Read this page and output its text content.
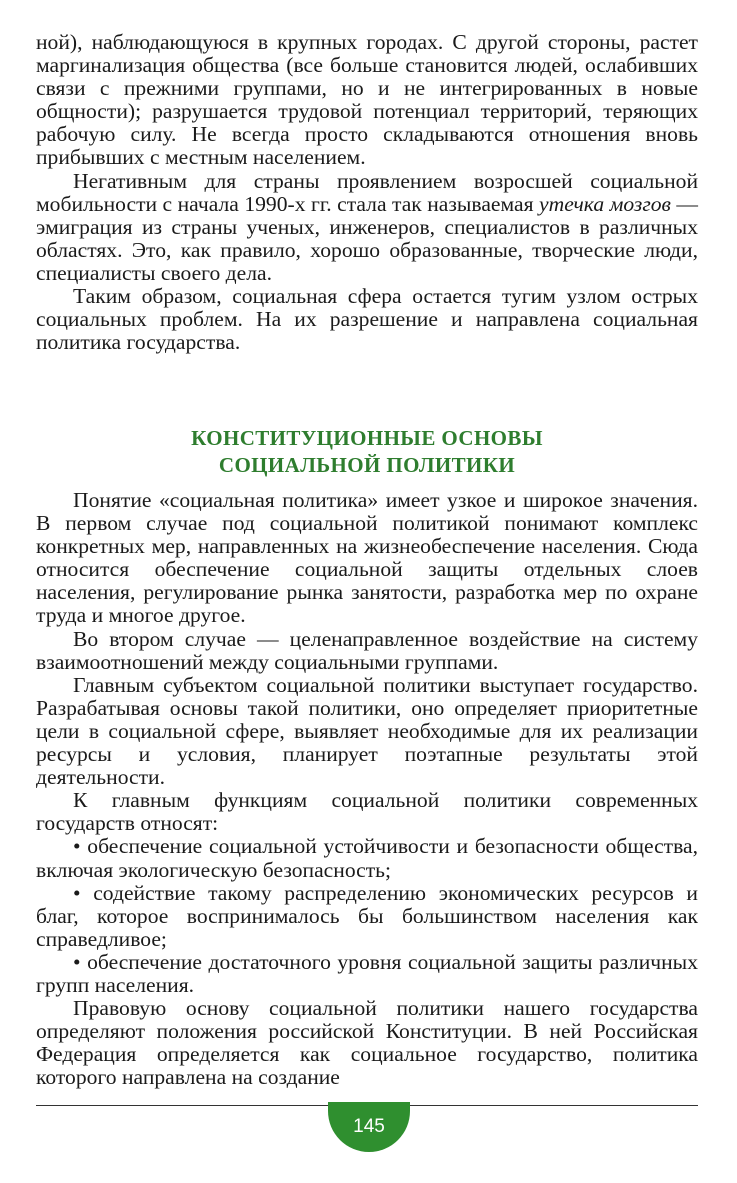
ной), наблюдающуюся в крупных городах. С другой стороны, растет маргинализация общества (все больше становится людей, ослабивших связи с прежними группами, но и не интегрированных в новые общности); разрушается трудовой потенциал территорий, теряющих рабочую силу. Не всегда просто складываются отношения вновь прибывших с местным населением.

Негативным для страны проявлением возросшей социальной мобильности с начала 1990-х гг. стала так называемая утечка мозгов — эмиграция из страны ученых, инженеров, специалистов в различных областях. Это, как правило, хорошо образованные, творческие люди, специалисты своего дела.

Таким образом, социальная сфера остается тугим узлом острых социальных проблем. На их разрешение и направлена социальная политика государства.

КОНСТИТУЦИОННЫЕ ОСНОВЫ
СОЦИАЛЬНОЙ ПОЛИТИКИ

Понятие «социальная политика» имеет узкое и широкое значения. В первом случае под социальной политикой понимают комплекс конкретных мер, направленных на жизнеобеспечение населения. Сюда относится обеспечение социальной защиты отдельных слоев населения, регулирование рынка занятости, разработка мер по охране труда и многое другое.

Во втором случае — целенаправленное воздействие на систему взаимоотношений между социальными группами.

Главным субъектом социальной политики выступает государство. Разрабатывая основы такой политики, оно определяет приоритетные цели в социальной сфере, выявляет необходимые для их реализации ресурсы и условия, планирует поэтапные результаты этой деятельности.

К главным функциям социальной политики современных государств относят:

• обеспечение социальной устойчивости и безопасности общества, включая экологическую безопасность;

• содействие такому распределению экономических ресурсов и благ, которое воспринималось бы большинством населения как справедливое;

• обеспечение достаточного уровня социальной защиты различных групп населения.

Правовую основу социальной политики нашего государства определяют положения российской Конституции. В ней Российская Федерация определяется как социальное государство, политика которого направлена на создание

145
